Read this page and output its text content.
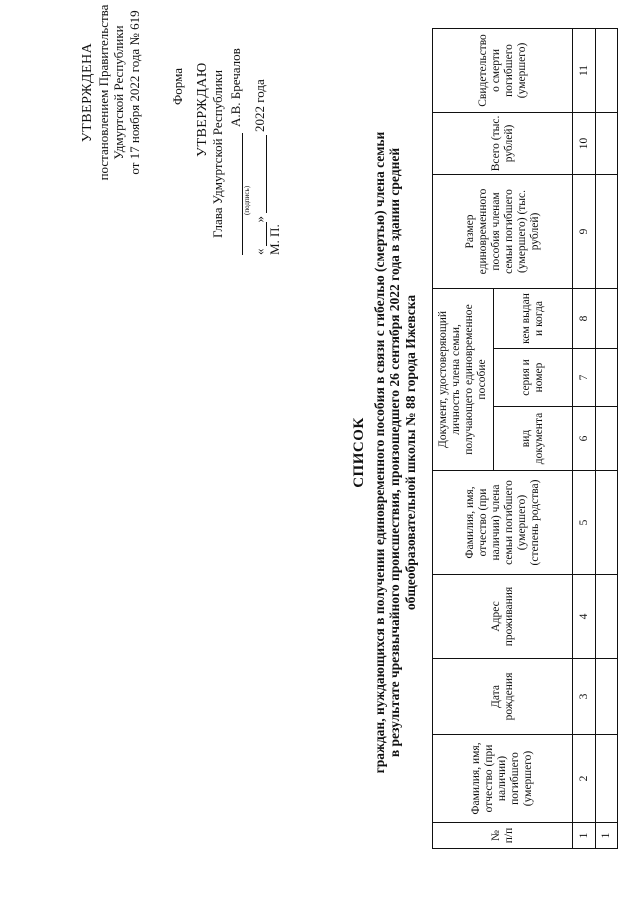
УТВЕРЖДЕНА постановлением Правительства Удмуртской Республики от 17 ноября 2022 года № 619 Форма УТВЕРЖДАЮ Глава Удмуртской Республики А.В. Бречалов
(подпись)
«
»
2022 года
М. П.
СПИСОК граждан, нуждающихся в получении единовременного пособия в связи с гибелью (смертью) члена семьи в результате чрезвычайного происшествия, произошедшего 26 сентября 2022 года в здании средней общеобразовательной школы № 88 города Ижевска
№ п/п	Фамилия, имя, отчество (при наличии) погибшего (умершего)	Дата рождения	Адрес проживания	Фамилия, имя, отчество (при наличии) члена семьи погибшего (умершего) (степень родства)	Документ, удостоверяющий личность члена семьи, получающего единовременное пособие			Размер единовременного пособия членам семьи погибшего (умершего) (тыс. рублей)	Всего (тыс. рублей)	Свидетельство о смерти погибшего (умершего)
					вид документа	серия и номер	кем выдан и когда			
1	2	3	4	5	6	7	8	9	10	11
1										
